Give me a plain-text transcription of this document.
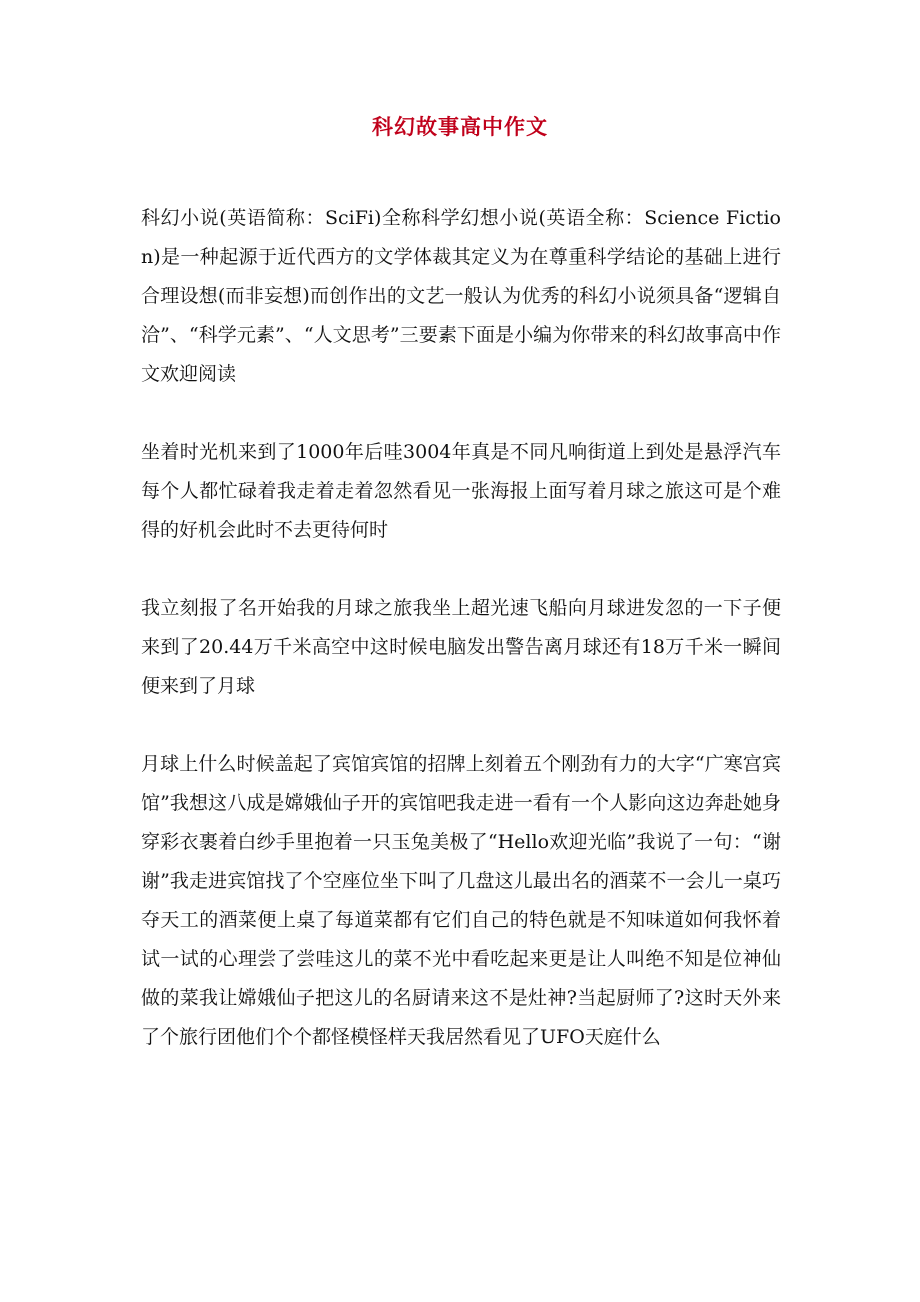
科幻故事高中作文

科幻小说(英语简称：SciFi)全称科学幻想小说(英语全称：Science Fiction)是一种起源于近代西方的文学体裁其定义为在尊重科学结论的基础上进行合理设想(而非妄想)而创作出的文艺一般认为优秀的科幻小说须具备“逻辑自洽”、“科学元素”、“人文思考”三要素下面是小编为你带来的科幻故事高中作文欢迎阅读

坐着时光机来到了1000年后哇3004年真是不同凡响街道上到处是悬浮汽车每个人都忙碌着我走着走着忽然看见一张海报上面写着月球之旅这可是个难得的好机会此时不去更待何时

我立刻报了名开始我的月球之旅我坐上超光速飞船向月球进发忽的一下子便来到了20.44万千米高空中这时候电脑发出警告离月球还有18万千米一瞬间便来到了月球

月球上什么时候盖起了宾馆宾馆的招牌上刻着五个刚劲有力的大字“广寒宫宾馆”我想这八成是嫦娥仙子开的宾馆吧我走进一看有一个人影向这边奔赴她身穿彩衣裹着白纱手里抱着一只玉兔美极了“Hello欢迎光临”我说了一句：“谢谢”我走进宾馆找了个空座位坐下叫了几盘这儿最出名的酒菜不一会儿一桌巧夺天工的酒菜便上桌了每道菜都有它们自己的特色就是不知味道如何我怀着试一试的心理尝了尝哇这儿的菜不光中看吃起来更是让人叫绝不知是位神仙做的菜我让嫦娥仙子把这儿的名厨请来这不是灶神?当起厨师了?这时天外来了个旅行团他们个个都怪模怪样天我居然看见了UFO天庭什么
